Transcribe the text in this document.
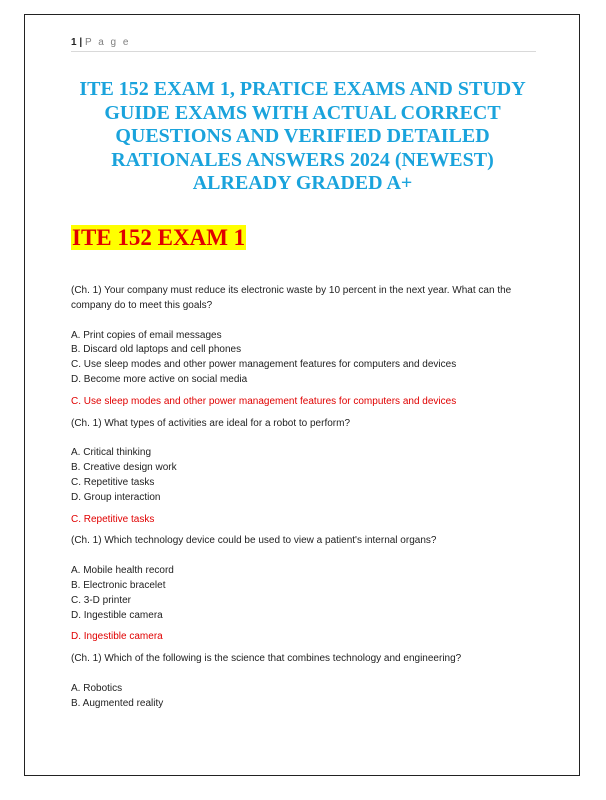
1 | P a g e
ITE 152 EXAM 1, PRATICE EXAMS AND STUDY GUIDE EXAMS WITH ACTUAL CORRECT QUESTIONS AND VERIFIED DETAILED RATIONALES ANSWERS 2024 (NEWEST) ALREADY GRADED A+
ITE 152 EXAM 1

(Ch. 1) Your company must reduce its electronic waste by 10 percent in the next year. What can the company do to meet this goals?

A. Print copies of email messages
B. Discard old laptops and cell phones
C. Use sleep modes and other power management features for computers and devices
D. Become more active on social media

C. Use sleep modes and other power management features for computers and devices

(Ch. 1) What types of activities are ideal for a robot to perform?

A. Critical thinking
B. Creative design work
C. Repetitive tasks
D. Group interaction

C. Repetitive tasks

(Ch. 1) Which technology device could be used to view a patient's internal organs?

A. Mobile health record
B. Electronic bracelet
C. 3-D printer
D. Ingestible camera

D. Ingestible camera

(Ch. 1) Which of the following is the science that combines technology and engineering?

A. Robotics
B. Augmented reality
